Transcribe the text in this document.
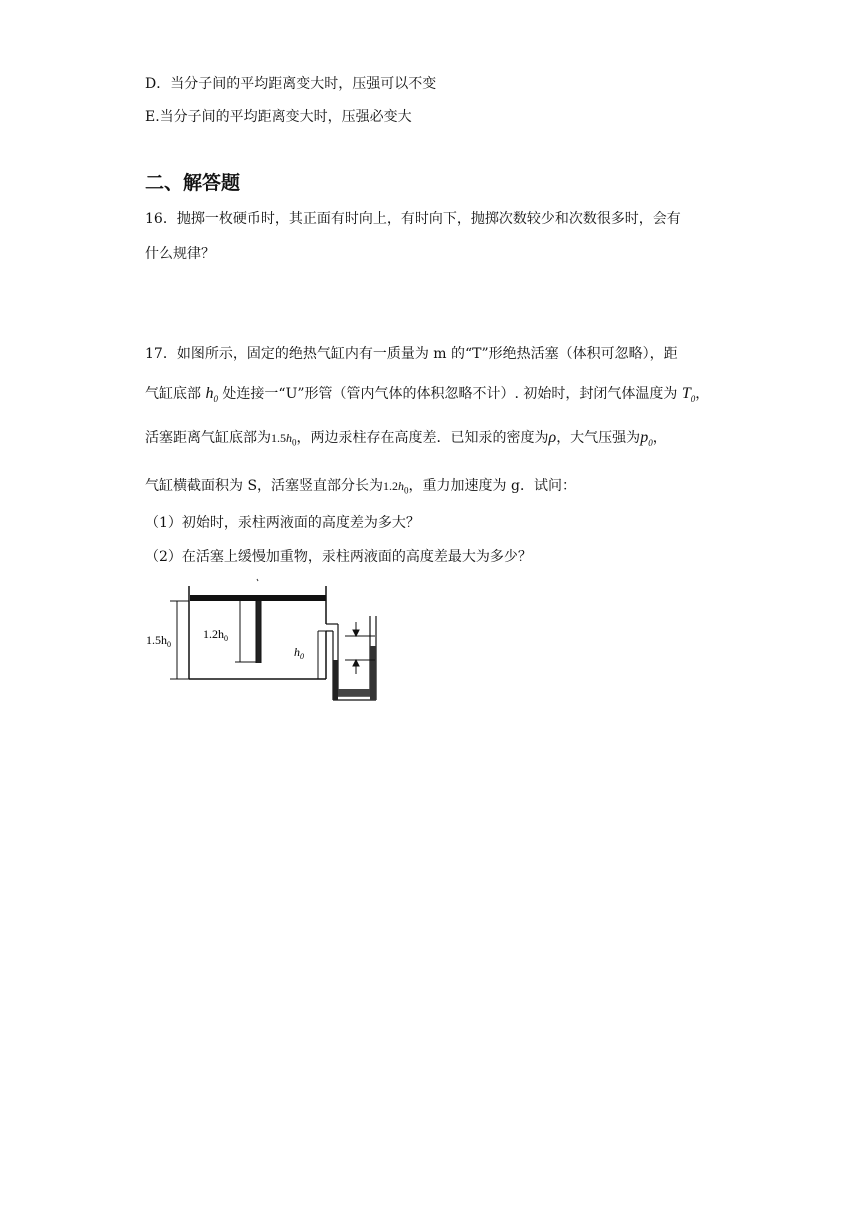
D．当分子间的平均距离变大时，压强可以不变
E.当分子间的平均距离变大时，压强必变大
二、解答题
16．抛掷一枚硬币时，其正面有时向上，有时向下，抛掷次数较少和次数很多时，会有
什么规律？
17．如图所示，固定的绝热气缸内有一质量为 m 的“T”形绝热活塞（体积可忽略），距
气缸底部 $h_0$ 处连接一“U”形管（管内气体的体积忽略不计）. 初始时，封闭气体温度为 $T_0$，
活塞距离气缸底部为$1.5h_0$，两边汞柱存在高度差．已知汞的密度为ρ，大气压强为$p_0$，
气缸横截面积为 S，活塞竖直部分长为$1.2h_0$，重力加速度为 g．试问：
（1）初始时，汞柱两液面的高度差为多大？
（2）在活塞上缓慢加重物，汞柱两液面的高度差最大为多少？
$1.5h_0$
$1.2h_0$
$h_0$
